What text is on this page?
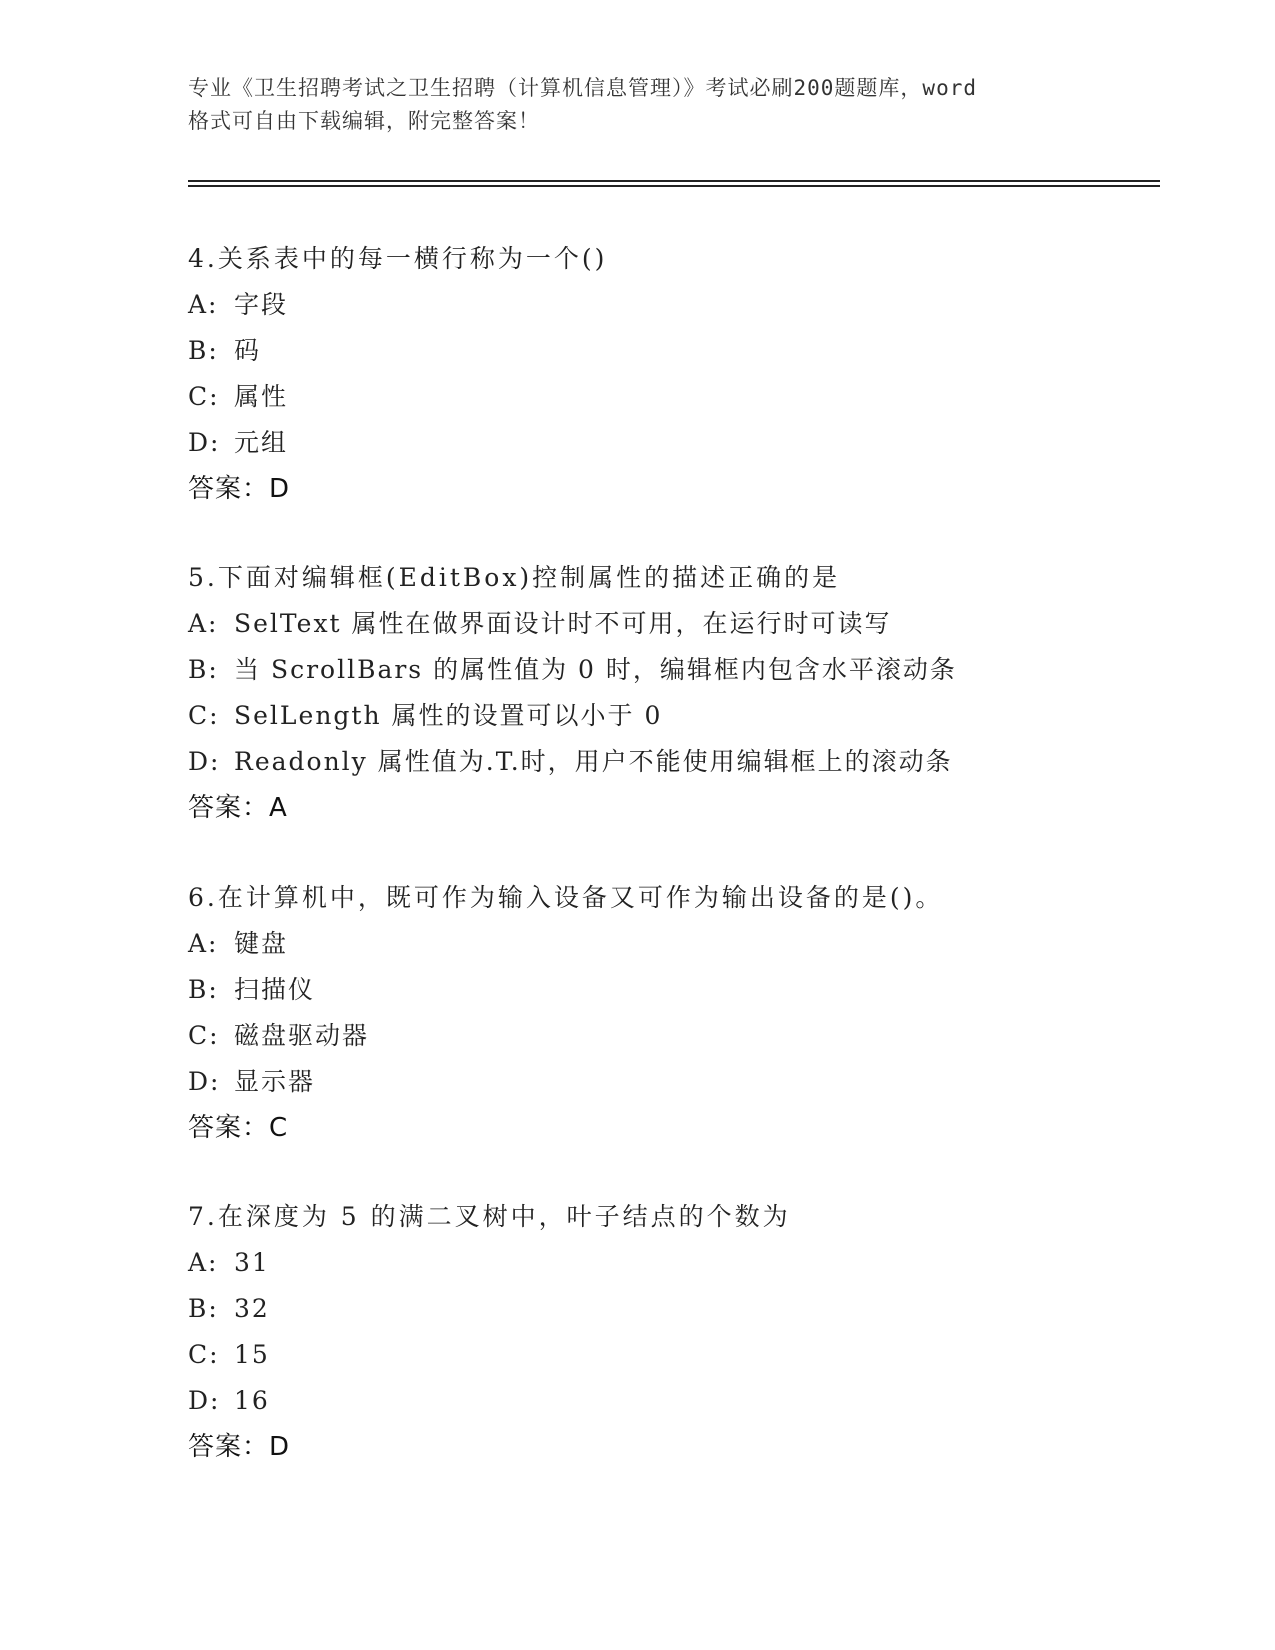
专业《卫生招聘考试之卫生招聘（计算机信息管理）》考试必刷200题题库，word
格式可自由下载编辑，附完整答案！
4.关系表中的每一横行称为一个()
A: 字段
B: 码
C: 属性
D: 元组
答案：D
5.下面对编辑框(EditBox)控制属性的描述正确的是
A: SelText 属性在做界面设计时不可用，在运行时可读写
B: 当 ScrollBars 的属性值为 0 时，编辑框内包含水平滚动条
C: SelLength 属性的设置可以小于 0
D: Readonly 属性值为.T.时，用户不能使用编辑框上的滚动条
答案：A
6.在计算机中，既可作为输入设备又可作为输出设备的是()。
A: 键盘
B: 扫描仪
C: 磁盘驱动器
D: 显示器
答案：C
7.在深度为 5 的满二叉树中，叶子结点的个数为
A: 31
B: 32
C: 15
D: 16
答案：D
